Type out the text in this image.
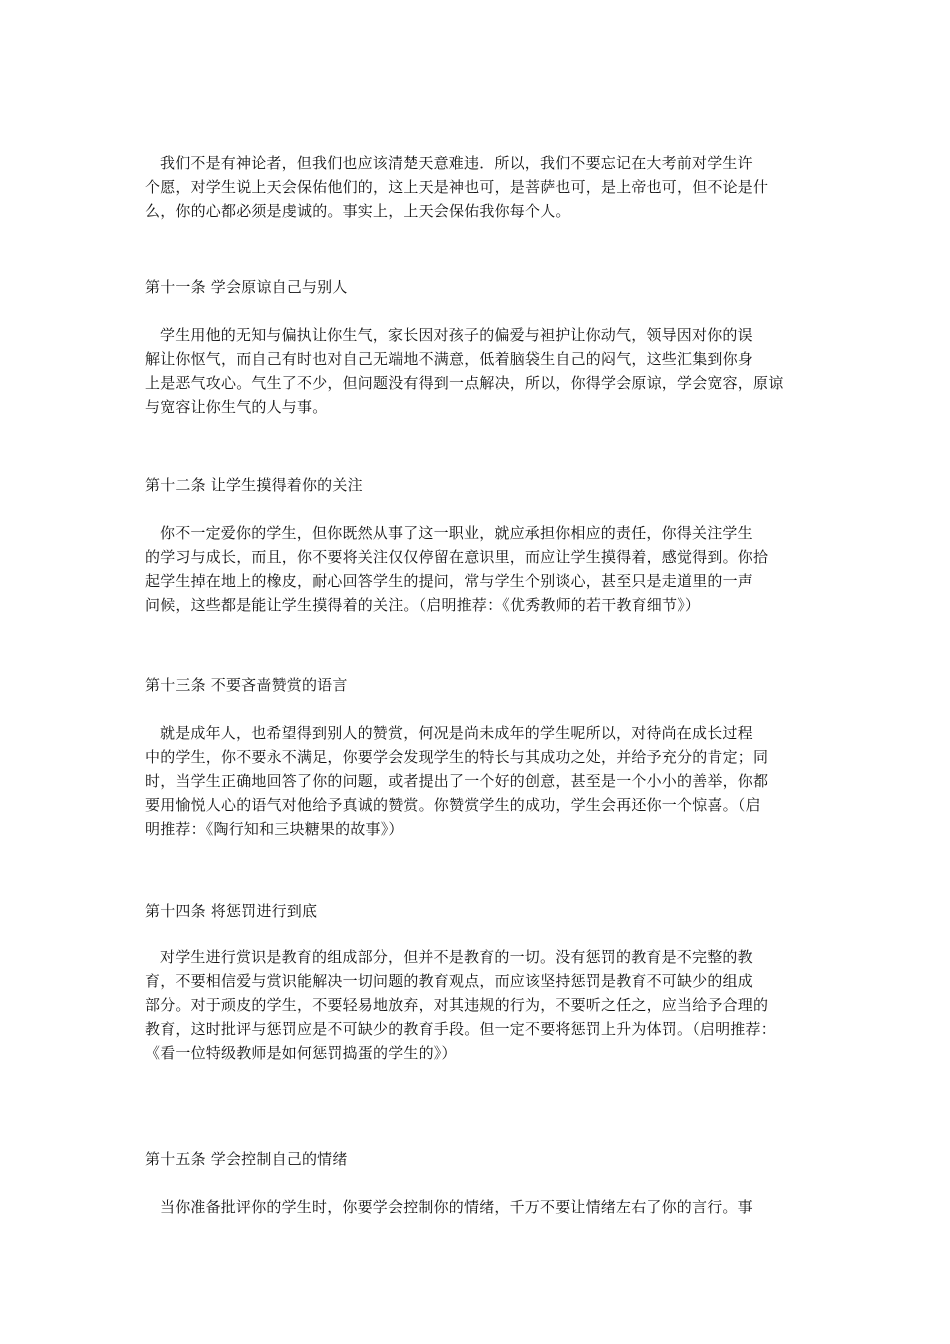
我们不是有神论者，但我们也应该清楚天意难违．所以，我们不要忘记在大考前对学生许
个愿，对学生说上天会保佑他们的，这上天是神也可，是菩萨也可，是上帝也可，但不论是什
么，你的心都必须是虔诚的。事实上，上天会保佑我你每个人。
第十一条 学会原谅自己与别人
学生用他的无知与偏执让你生气，家长因对孩子的偏爱与袒护让你动气，领导因对你的误
解让你怄气，而自己有时也对自己无端地不满意，低着脑袋生自己的闷气，这些汇集到你身
上是恶气攻心。气生了不少，但问题没有得到一点解决，所以，你得学会原谅，学会宽容，原谅
与宽容让你生气的人与事。
第十二条 让学生摸得着你的关注
你不一定爱你的学生，但你既然从事了这一职业，就应承担你相应的责任，你得关注学生
的学习与成长，而且，你不要将关注仅仅停留在意识里，而应让学生摸得着，感觉得到。你拾
起学生掉在地上的橡皮，耐心回答学生的提问，常与学生个别谈心，甚至只是走道里的一声
问候，这些都是能让学生摸得着的关注。（启明推荐：《优秀教师的若干教育细节》）
第十三条 不要吝啬赞赏的语言
就是成年人，也希望得到别人的赞赏，何况是尚未成年的学生呢所以，对待尚在成长过程
中的学生，你不要永不满足，你要学会发现学生的特长与其成功之处，并给予充分的肯定；同
时，当学生正确地回答了你的问题，或者提出了一个好的创意，甚至是一个小小的善举，你都
要用愉悦人心的语气对他给予真诚的赞赏。你赞赏学生的成功，学生会再还你一个惊喜。（启
明推荐：《陶行知和三块糖果的故事》）
第十四条 将惩罚进行到底
对学生进行赏识是教育的组成部分，但并不是教育的一切。没有惩罚的教育是不完整的教
育，不要相信爱与赏识能解决一切问题的教育观点，而应该坚持惩罚是教育不可缺少的组成
部分。对于顽皮的学生，不要轻易地放弃，对其违规的行为，不要听之任之，应当给予合理的
教育，这时批评与惩罚应是不可缺少的教育手段。但一定不要将惩罚上升为体罚。（启明推荐：
《看一位特级教师是如何惩罚捣蛋的学生的》）
第十五条 学会控制自己的情绪
当你准备批评你的学生时，你要学会控制你的情绪，千万不要让情绪左右了你的言行。事
